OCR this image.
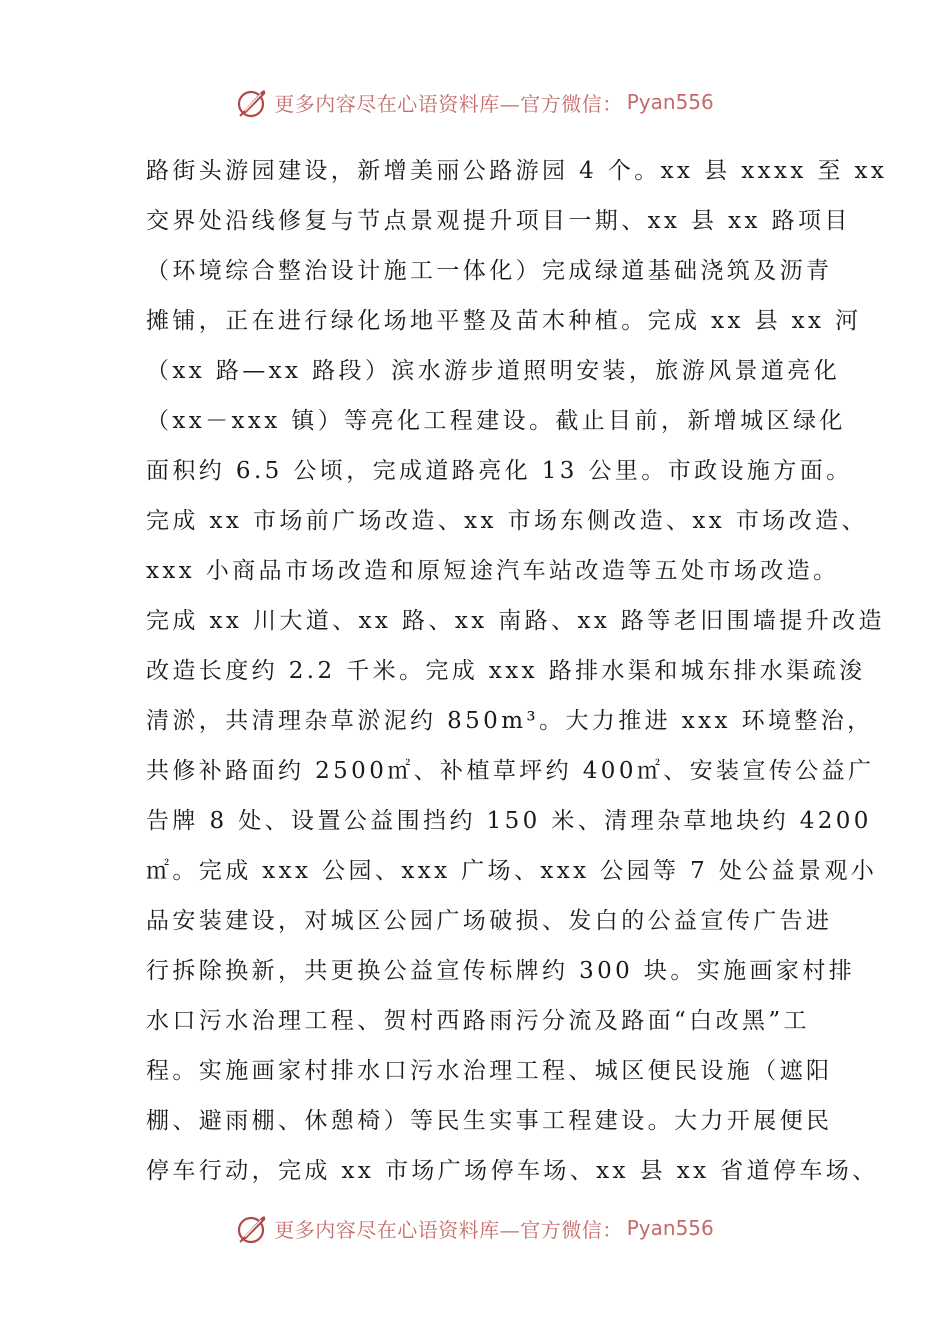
更多内容尽在心语资料库—官方微信： Pyan556
路街头游园建设，新增美丽公路游园 4 个。xx 县 xxxx 至 xx
交界处沿线修复与节点景观提升项目一期、xx 县 xx 路项目
（环境综合整治设计施工一体化）完成绿道基础浇筑及沥青
摊铺，正在进行绿化场地平整及苗木种植。完成 xx 县 xx 河
（xx 路—xx 路段）滨水游步道照明安装，旅游风景道亮化
（xx－xxx 镇）等亮化工程建设。截止目前，新增城区绿化
面积约 6.5 公顷，完成道路亮化 13 公里。市政设施方面。
完成 xx 市场前广场改造、xx 市场东侧改造、xx 市场改造、
xxx 小商品市场改造和原短途汽车站改造等五处市场改造。
完成 xx 川大道、xx 路、xx 南路、xx 路等老旧围墙提升改造
改造长度约 2.2 千米。完成 xxx 路排水渠和城东排水渠疏浚
清淤，共清理杂草淤泥约 850m³。大力推进 xxx 环境整治，
共修补路面约 2500㎡、补植草坪约 400㎡、安装宣传公益广
告牌 8 处、设置公益围挡约 150 米、清理杂草地块约 4200
㎡。完成 xxx 公园、xxx 广场、xxx 公园等 7 处公益景观小
品安装建设，对城区公园广场破损、发白的公益宣传广告进
行拆除换新，共更换公益宣传标牌约 300 块。实施画家村排
水口污水治理工程、贺村西路雨污分流及路面“白改黑”工
程。实施画家村排水口污水治理工程、城区便民设施（遮阳
棚、避雨棚、休憩椅）等民生实事工程建设。大力开展便民
停车行动，完成 xx 市场广场停车场、xx 县 xx 省道停车场、
更多内容尽在心语资料库—官方微信： Pyan556
